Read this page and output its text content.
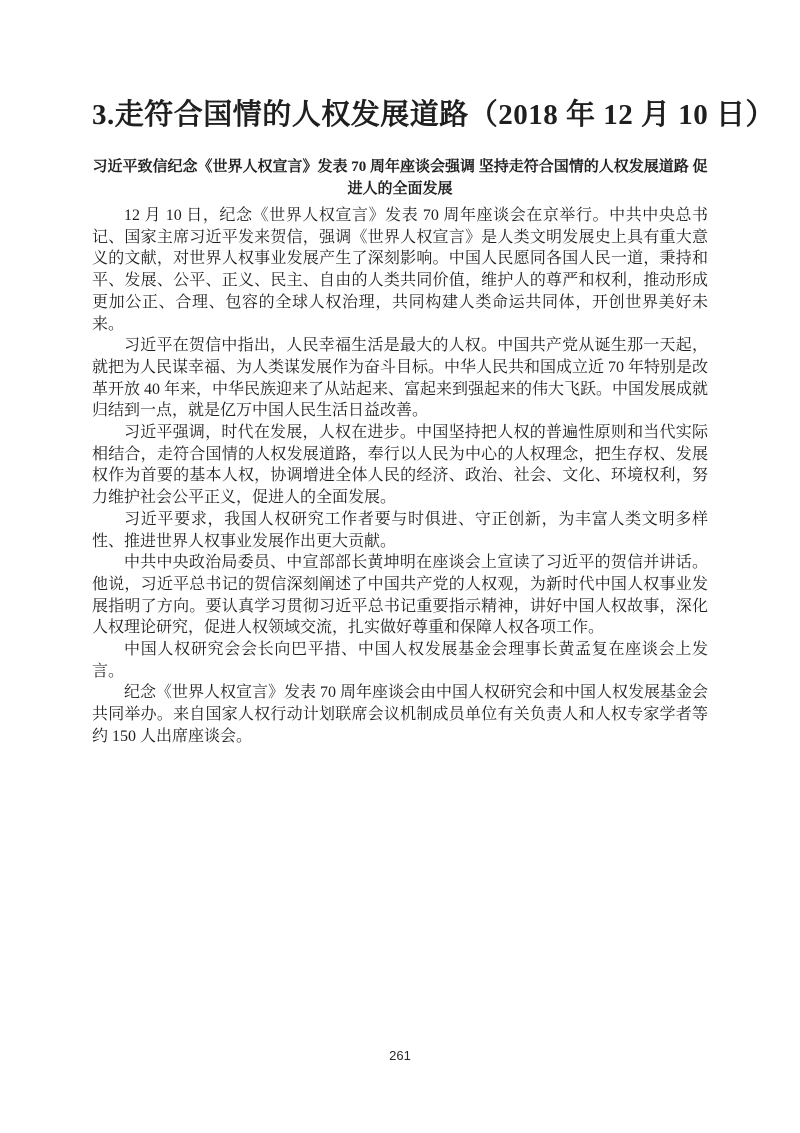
3.走符合国情的人权发展道路（2018 年 12 月 10 日）
习近平致信纪念《世界人权宣言》发表 70 周年座谈会强调 坚持走符合国情的人权发展道路 促进人的全面发展

12 月 10 日，纪念《世界人权宣言》发表 70 周年座谈会在京举行。中共中央总书记、国家主席习近平发来贺信，强调《世界人权宣言》是人类文明发展史上具有重大意义的文献，对世界人权事业发展产生了深刻影响。中国人民愿同各国人民一道，秉持和平、发展、公平、正义、民主、自由的人类共同价值，维护人的尊严和权利，推动形成更加公正、合理、包容的全球人权治理，共同构建人类命运共同体，开创世界美好未来。

习近平在贺信中指出，人民幸福生活是最大的人权。中国共产党从诞生那一天起，就把为人民谋幸福、为人类谋发展作为奋斗目标。中华人民共和国成立近 70 年特别是改革开放 40 年来，中华民族迎来了从站起来、富起来到强起来的伟大飞跃。中国发展成就归结到一点，就是亿万中国人民生活日益改善。

习近平强调，时代在发展，人权在进步。中国坚持把人权的普遍性原则和当代实际相结合，走符合国情的人权发展道路，奉行以人民为中心的人权理念，把生存权、发展权作为首要的基本人权，协调增进全体人民的经济、政治、社会、文化、环境权利，努力维护社会公平正义，促进人的全面发展。

习近平要求，我国人权研究工作者要与时俱进、守正创新，为丰富人类文明多样性、推进世界人权事业发展作出更大贡献。

中共中央政治局委员、中宣部部长黄坤明在座谈会上宣读了习近平的贺信并讲话。他说，习近平总书记的贺信深刻阐述了中国共产党的人权观，为新时代中国人权事业发展指明了方向。要认真学习贯彻习近平总书记重要指示精神，讲好中国人权故事，深化人权理论研究，促进人权领域交流，扎实做好尊重和保障人权各项工作。

中国人权研究会会长向巴平措、中国人权发展基金会理事长黄孟复在座谈会上发言。

纪念《世界人权宣言》发表 70 周年座谈会由中国人权研究会和中国人权发展基金会共同举办。来自国家人权行动计划联席会议机制成员单位有关负责人和人权专家学者等约 150 人出席座谈会。

261
